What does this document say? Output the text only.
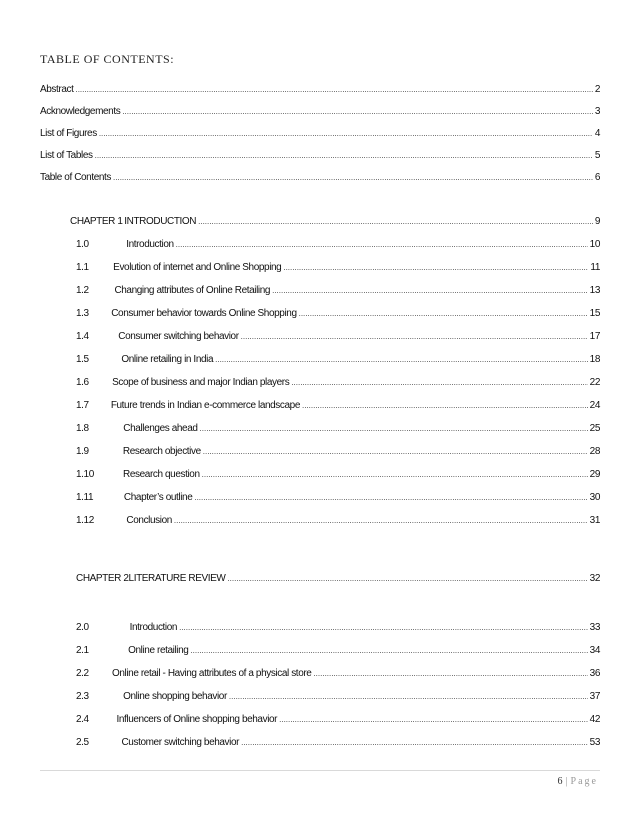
TABLE OF CONTENTS:
Abstract .....	2
Acknowledgements .....	3
List of Figures .....	4
List of Tables .....	5
Table of Contents .....	6
CHAPTER 1 INTRODUCTION .....	9
1.0	Introduction .....	10
1.1	Evolution of internet and Online Shopping .....	11
1.2	Changing attributes of Online Retailing .....	13
1.3	Consumer behavior towards Online Shopping .....	15
1.4	Consumer switching behavior .....	17
1.5	Online retailing in India .....	18
1.6	Scope of business and major Indian players .....	22
1.7	Future trends in Indian e-commerce landscape .....	24
1.8	Challenges ahead .....	25
1.9	Research objective .....	28
1.10	Research question .....	29
1.11	Chapter’s outline .....	30
1.12	Conclusion .....	31
CHAPTER 2 LITERATURE REVIEW .....	32
2.0	Introduction .....	33
2.1	Online retailing .....	34
2.2	Online retail - Having attributes of a physical store .....	36
2.3	Online shopping behavior .....	37
2.4	Influencers of Online shopping behavior .....	42
2.5	Customer switching behavior .....	53
6 | Page
